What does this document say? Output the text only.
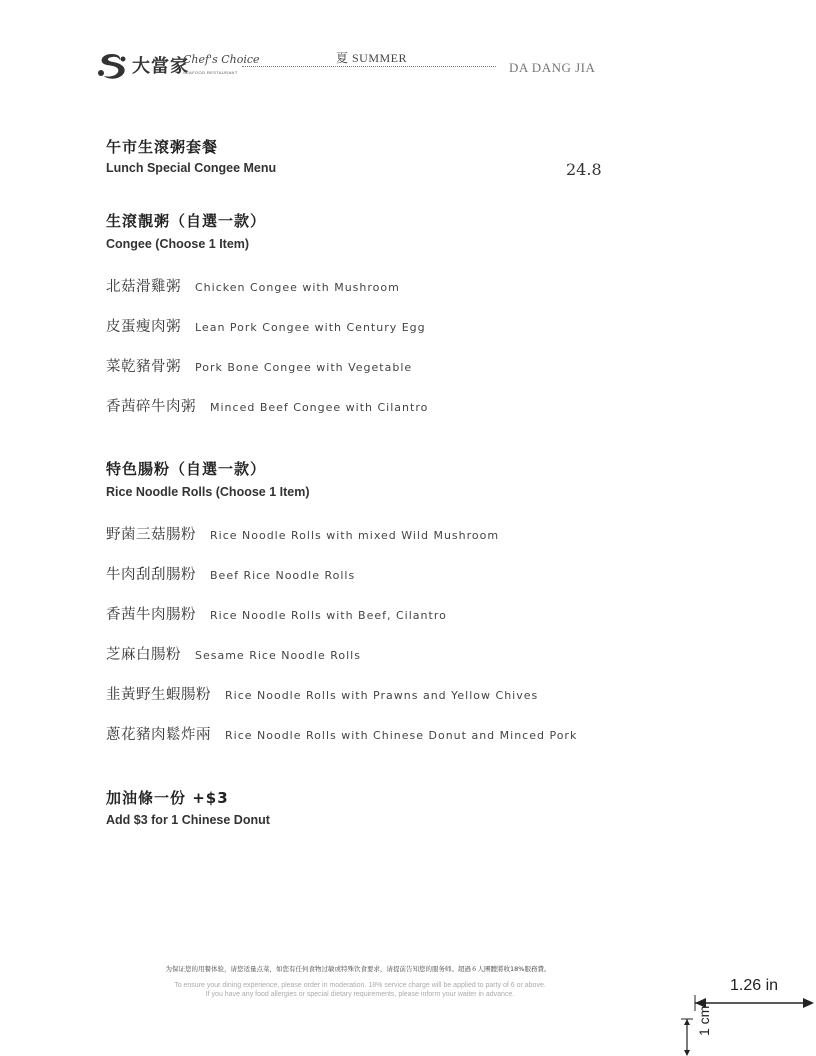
大當家
Chef's Choice
SEAFOOD RESTAURANT
夏 SUMMER
DA DANG JIA
午市生滾粥套餐
Lunch Special Congee Menu	24.8
生滾靚粥（自選一款）
Congee (Choose 1 Item)
北菇滑雞粥 Chicken Congee with Mushroom
皮蛋瘦肉粥 Lean Pork Congee with Century Egg
菜乾豬骨粥 Pork Bone Congee with Vegetable
香茜碎牛肉粥 Minced Beef Congee with Cilantro
特色腸粉（自選一款）
Rice Noodle Rolls (Choose 1 Item)
野菌三菇腸粉 Rice Noodle Rolls with mixed Wild Mushroom
牛肉刮刮腸粉 Beef Rice Noodle Rolls
香茜牛肉腸粉 Rice Noodle Rolls with Beef, Cilantro
芝麻白腸粉 Sesame Rice Noodle Rolls
韭黃野生蝦腸粉 Rice Noodle Rolls with Prawns and Yellow Chives
蔥花豬肉鬆炸兩 Rice Noodle Rolls with Chinese Donut and Minced Pork
加油條一份 +$3
Add $3 for 1 Chinese Donut
为保证您的用餐体验，请您适量点菜，如您有任何食物过敏或特殊饮食要求，请提前告知您的服务师。超過６人團體將收18%服務費。
To ensure your dining experience, please order in moderation. 18% service charge will be applied to party of 6 or above.
If you have any food allergies or special dietary requirements, please inform your waiter in advance.
1.26 in
1 cm
